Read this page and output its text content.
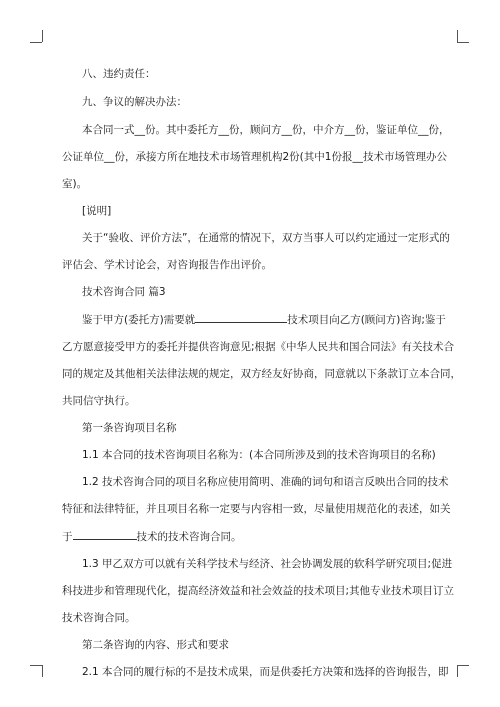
八、违约责任：

九、争议的解决办法：

本合同一式__份。其中委托方__份，顾问方__份，中介方__份，鉴证单位__份，

公证单位__份，承接方所在地技术市场管理机构2份(其中1份报__技术市场管理办公

室)。

[说明]

关于“验收、评价方法”，在通常的情况下，双方当事人可以约定通过一定形式的

评估会、学术讨论会，对咨询报告作出评价。

技术咨询合同 篇3

鉴于甲方(委托方)需要就	技术项目向乙方(顾问方)咨询;鉴于

乙方愿意接受甲方的委托并提供咨询意见;根据《中华人民共和国合同法》有关技术合

同的规定及其他相关法律法规的规定，双方经友好协商，同意就以下条款订立本合同，

共同信守执行。

第一条咨询项目名称

1.1 本合同的技术咨询项目名称为：(本合同所涉及到的技术咨询项目的名称)

1.2 技术咨询合同的项目名称应使用简明、准确的词句和语言反映出合同的技术

特征和法律特征，并且项目名称一定要与内容相一致，尽量使用规范化的表述，如关

于	技术的技术咨询合同。

1.3 甲乙双方可以就有关科学技术与经济、社会协调发展的软科学研究项目;促进

科技进步和管理现代化，提高经济效益和社会效益的技术项目;其他专业技术项目订立

技术咨询合同。

第二条咨询的内容、形式和要求

2.1 本合同的履行标的不是技术成果，而是供委托方决策和选择的咨询报告，即
